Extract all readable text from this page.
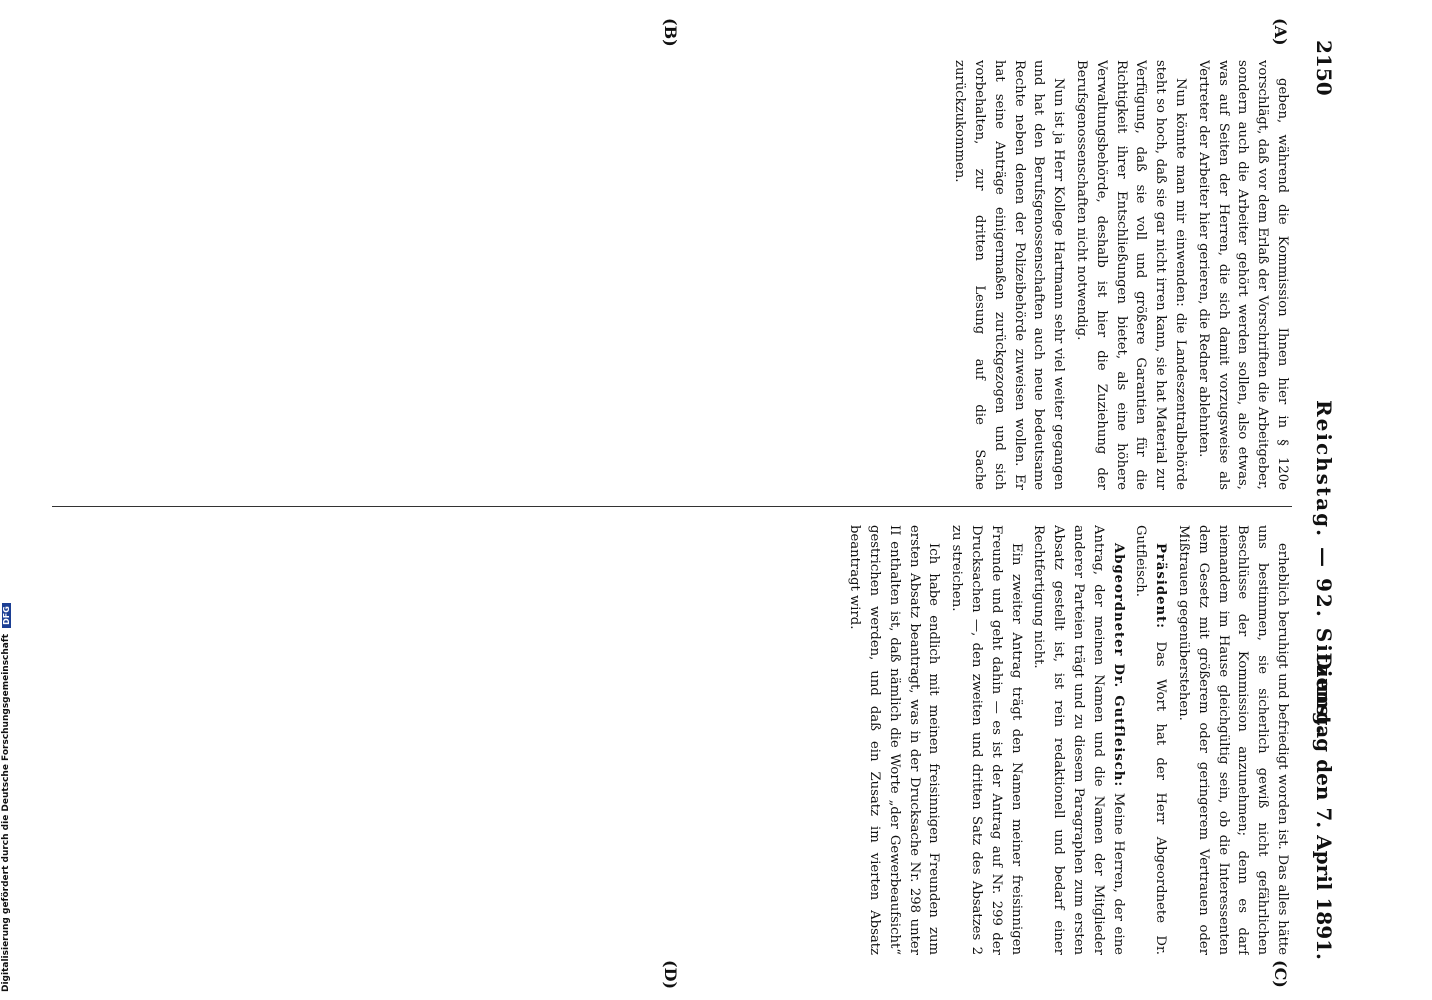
2150
Reichstag. — 92. Sitzung.
Dienstag den 7. April 1891.
(A)
(B)
(C)
(D)

geben, während die Kommission Ihnen hier in § 120e vorschlägt, daß vor dem Erlaß der Vorschriften die Arbeitgeber, sondern auch die Arbeiter gehört werden sollen, also etwas, was auf Seiten der Herren, die sich damit vorzugsweise als Vertreter der Arbeiter hier gerieren, die Redner ablehnten.

Nun könnte man mir einwenden: die Landeszentralbehörde steht so hoch, daß sie gar nicht irren kann, sie hat Material zur Verfügung, daß sie voll und größere Garantien für die Richtigkeit ihrer Entschließungen bietet, als eine höhere Verwaltungsbehörde, deshalb ist hier die Zuziehung der Berufsgenossenschaften nicht notwendig.

Nun ist ja Herr Kollege Hartmann sehr viel weiter gegangen und hat den Berufsgenossenschaften auch neue bedeutsame Rechte neben denen der Polizeibehörde zuweisen wollen. Er hat seine Anträge einigermaßen zurückgezogen und sich vorbehalten, zur dritten Lesung auf die Sache zurückzukommen.

erheblich beruhigt und befriedigt worden ist. Das alles hätte uns bestimmen, sie sicherlich gewiß nicht gefährlichen Beschlüsse der Kommission anzunehmen; denn es darf niemandem im Hause gleichgültig sein, ob die Interessenten dem Gesetz mit größerem oder geringerem Vertrauen oder Mißtrauen gegenüberstehen.

Präsident: Das Wort hat der Herr Abgeordnete Dr. Gutfleisch.

Abgeordneter Dr. Gutfleisch: Meine Herren, der eine Antrag, der meinen Namen und die Namen der Mitglieder anderer Parteien trägt und zu diesem Paragraphen zum ersten Absatz gestellt ist, ist rein redaktionell und bedarf einer Rechtfertigung nicht.

Ein zweiter Antrag trägt den Namen meiner freisinnigen Freunde und geht dahin — es ist der Antrag auf Nr. 299 der Drucksachen —, den zweiten und dritten Satz des Absatzes 2 zu streichen.

Ich habe endlich mit meinen freisinnigen Freunden zum ersten Absatz beantragt, was in der Drucksache Nr. 298 unter II enthalten ist, daß nämlich die Worte „der Gewerbeaufsicht“ gestrichen werden, und daß ein Zusatz im vierten Absatz beantragt wird.

Digitalisierung gefördert durch die Deutsche Forschungsgemeinschaft
DFG
